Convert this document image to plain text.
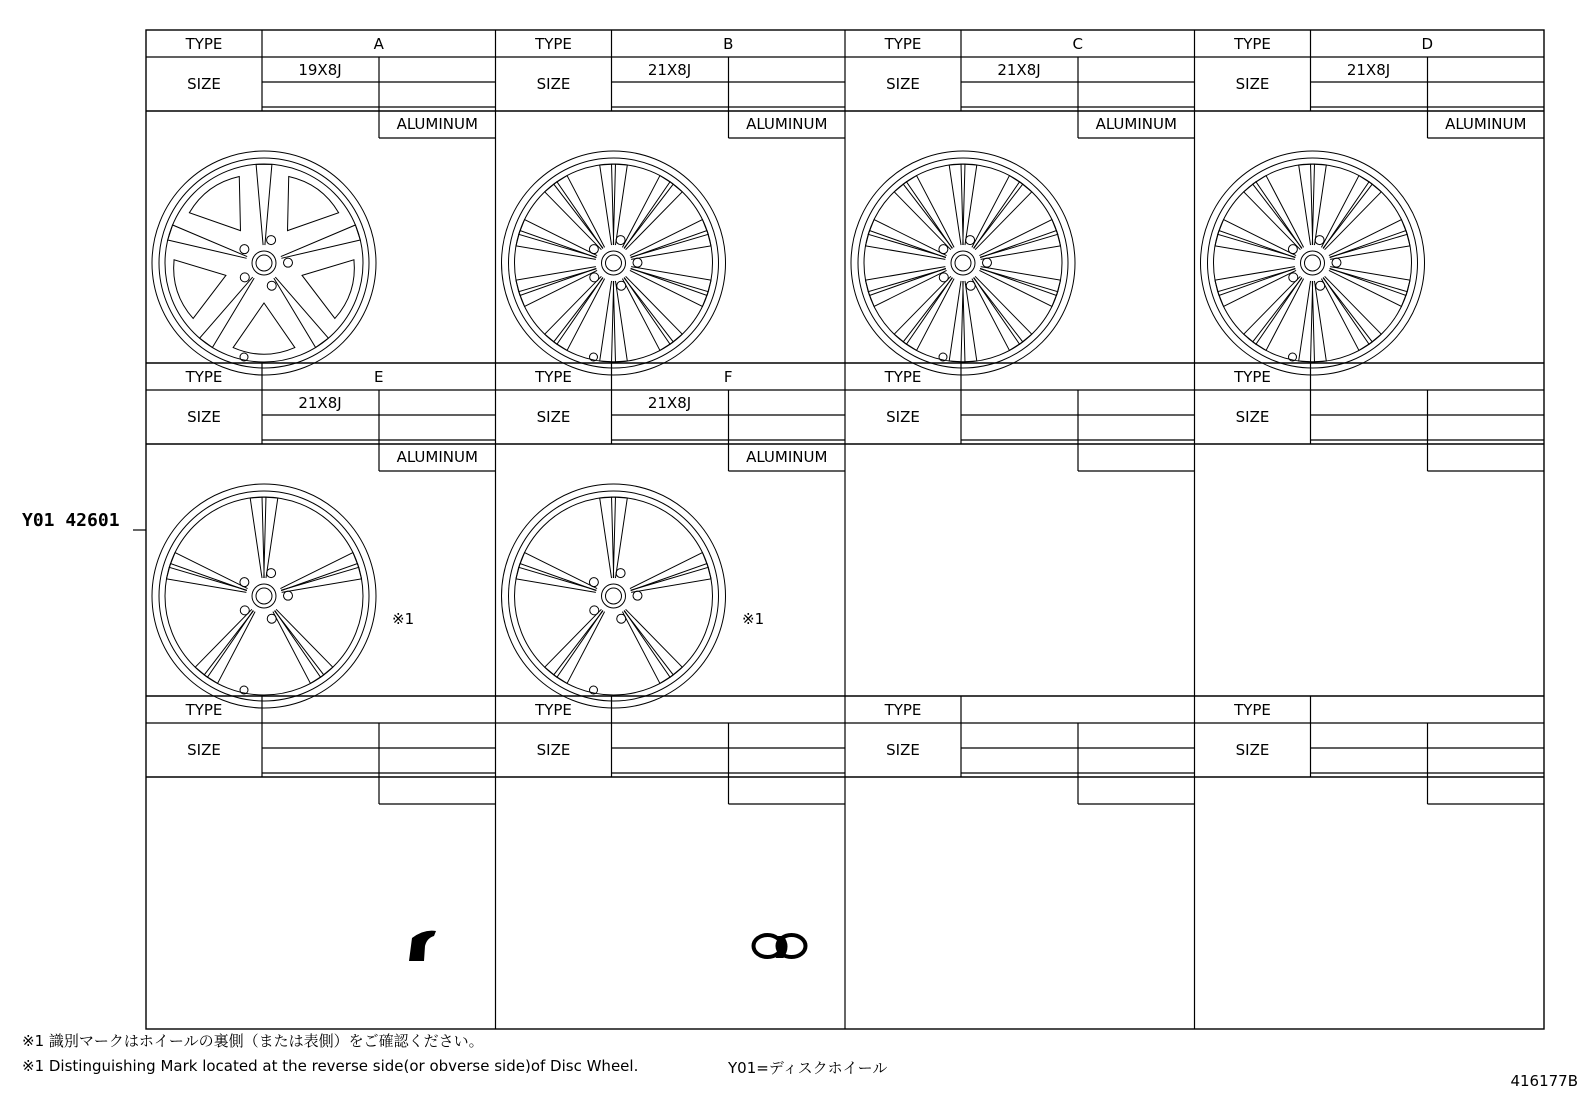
TYPE
SIZE
A
19X8J
ALUMINUM
TYPE
SIZE
B
21X8J
ALUMINUM
TYPE
SIZE
C
21X8J
ALUMINUM
TYPE
SIZE
D
21X8J
ALUMINUM
TYPE
SIZE
E
21X8J
ALUMINUM
※1
TYPE
SIZE
F
21X8J
ALUMINUM
※1
TYPE
SIZE
TYPE
SIZE
TYPE
SIZE
TYPE
SIZE
TYPE
SIZE
TYPE
SIZE
Y01 42601
※1 識別マークはホイールの裏側（または表側）をご確認ください。
※1 Distinguishing Mark located at the reverse side(or obverse side)of Disc Wheel.	Y01=ディスクホイール
416177B
